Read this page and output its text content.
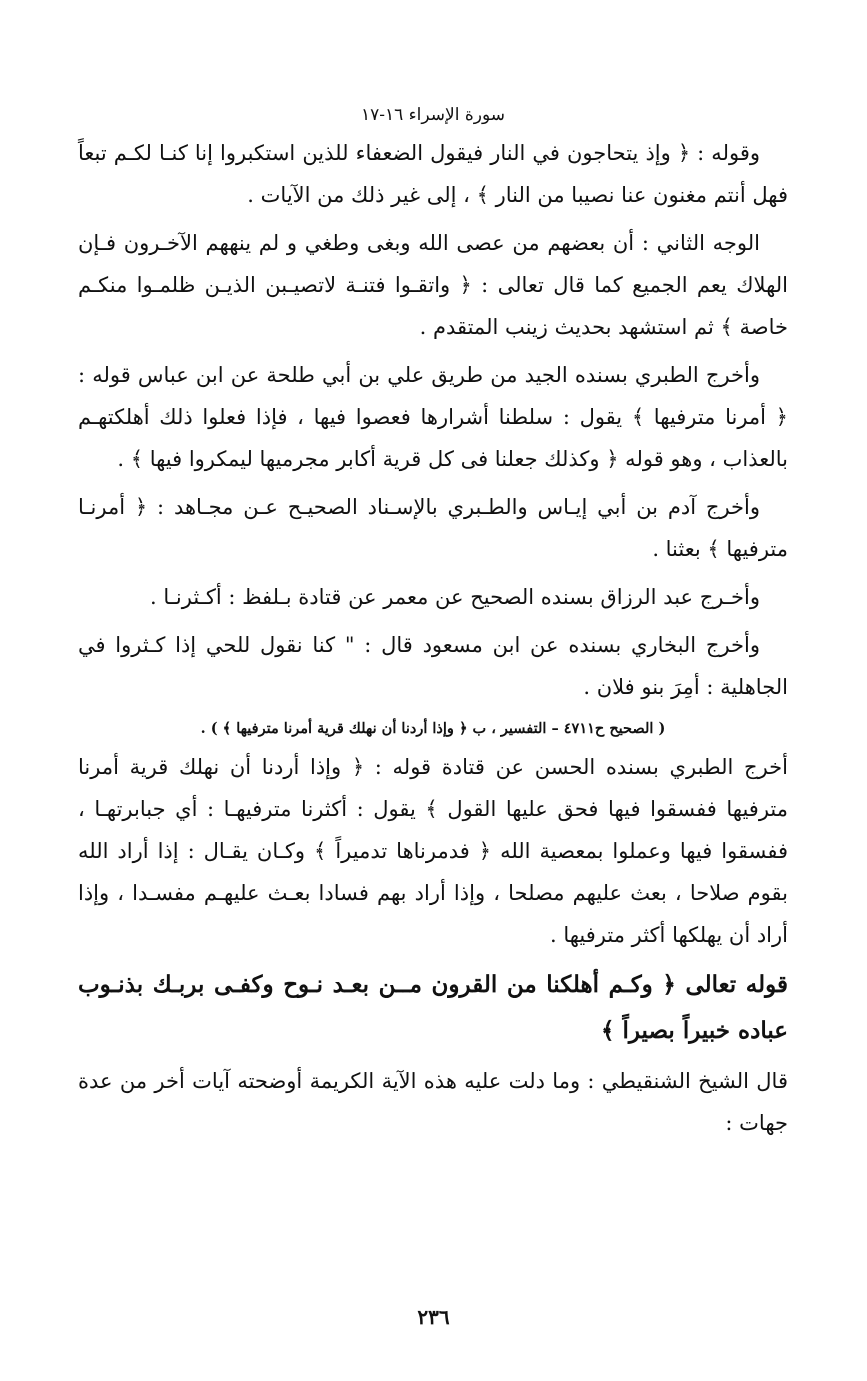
سورة الإسراء ١٦-١٧

وقوله : ﴿ وإذ يتحاجون في النار فيقول الضعفاء للذين استكبروا إنا كنـا لكـم تبعاً فهل أنتم مغنون عنا نصيبا من النار ﴾ ، إلى غير ذلك من الآيات .

الوجه الثاني : أن بعضهم من عصى الله وبغى وطغي و لم ينههم الآخـرون فـإن الهلاك يعم الجميع كما قال تعالى : ﴿ واتقـوا فتنـة لاتصيـبن الذيـن ظلمـوا منكـم خاصة ﴾ ثم استشهد بحديث زينب المتقدم .

وأخرج الطبري بسنده الجيد من طريق علي بن أبي طلحة عن ابن عباس قوله : ﴿ أمرنا مترفيها ﴾ يقول : سلطنا أشرارها فعصوا فيها ، فإذا فعلوا ذلك أهلكتهـم بالعذاب ، وهو قوله ﴿ وكذلك جعلنا فى كل قرية أكابر مجرميها ليمكروا فيها ﴾ .

وأخرج آدم بن أبي إيـاس والطـبري بالإسـناد الصحيـح عـن مجـاهد : ﴿ أمرنـا مترفيها ﴾ بعثنا .

وأخـرج عبد الرزاق بسنده الصحيح عن معمر عن قتادة بـلفظ : أكـثرنـا .

وأخرج البخاري بسنده عن ابن مسعود قال : " كنا نقول للحي إذا كـثروا في الجاهلية : أمِرَ بنو فلان .

( الصحيح ح٤٧١١ – التفسير ، ب ﴿ وإذا أردنا أن نهلك قرية أمرنا مترفيها ﴾ ) .

أخرج الطبري بسنده الحسن عن قتادة قوله : ﴿ وإذا أردنا أن نهلك قرية أمرنا مترفيها ففسقوا فيها فحق عليها القول ﴾ يقول : أكثرنا مترفيهـا : أي جبابرتهـا ، ففسقوا فيها وعملوا بمعصية الله ﴿ فدمرناها تدميراً ﴾ وكـان يقـال : إذا أراد الله بقوم صلاحا ، بعث عليهم مصلحا ، وإذا أراد بهم فسادا بعـث عليهـم مفسـدا ، وإذا أراد أن يهلكها أكثر مترفيها .

قوله تعالى ﴿ وكـم أهلكنا من القرون مــن بعـد نـوح وكفـى بربـك بذنـوب عباده خبيراً بصيراً ﴾

قال الشيخ الشنقيطي : وما دلت عليه هذه الآية الكريمة أوضحته آيات أخر من عدة جهات :

٢٣٦
